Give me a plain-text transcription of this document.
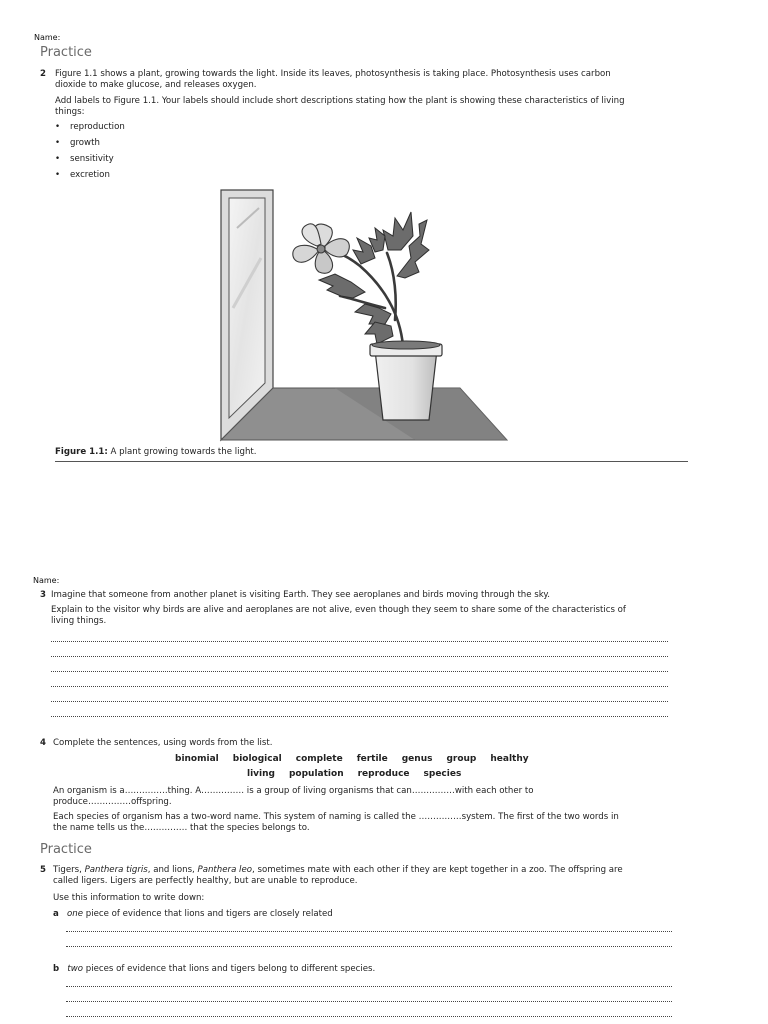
Name:
Practice
2 Figure 1.1 shows a plant, growing towards the light. Inside its leaves, photosynthesis is taking place. Photosynthesis uses carbon
dioxide to make glucose, and releases oxygen.
Add labels to Figure 1.1. Your labels should include short descriptions stating how the plant is showing these characteristics of living
things:
• reproduction
• growth
• sensitivity
• excretion
Figure 1.1: A plant growing towards the light.
Name:
3 Imagine that someone from another planet is visiting Earth. They see aeroplanes and birds moving through the sky.
Explain to the visitor why birds are alive and aeroplanes are not alive, even though they seem to share some of the characteristics of
living things.
4 Complete the sentences, using words from the list.
binomial biological complete fertile genus group healthy
living population reproduce species
An organism is a……………thing. A…………… is a group of living organisms that can……………with each other to
produce……………offspring.
Each species of organism has a two-word name. This system of naming is called the ……………system. The first of the two words in
the name tells us the…………… that the species belongs to.
Practice
5 Tigers, Panthera tigris, and lions, Panthera leo, sometimes mate with each other if they are kept together in a zoo. The offspring are
called ligers. Ligers are perfectly healthy, but are unable to reproduce.
Use this information to write down:
a one piece of evidence that lions and tigers are closely related
b two pieces of evidence that lions and tigers belong to different species.
